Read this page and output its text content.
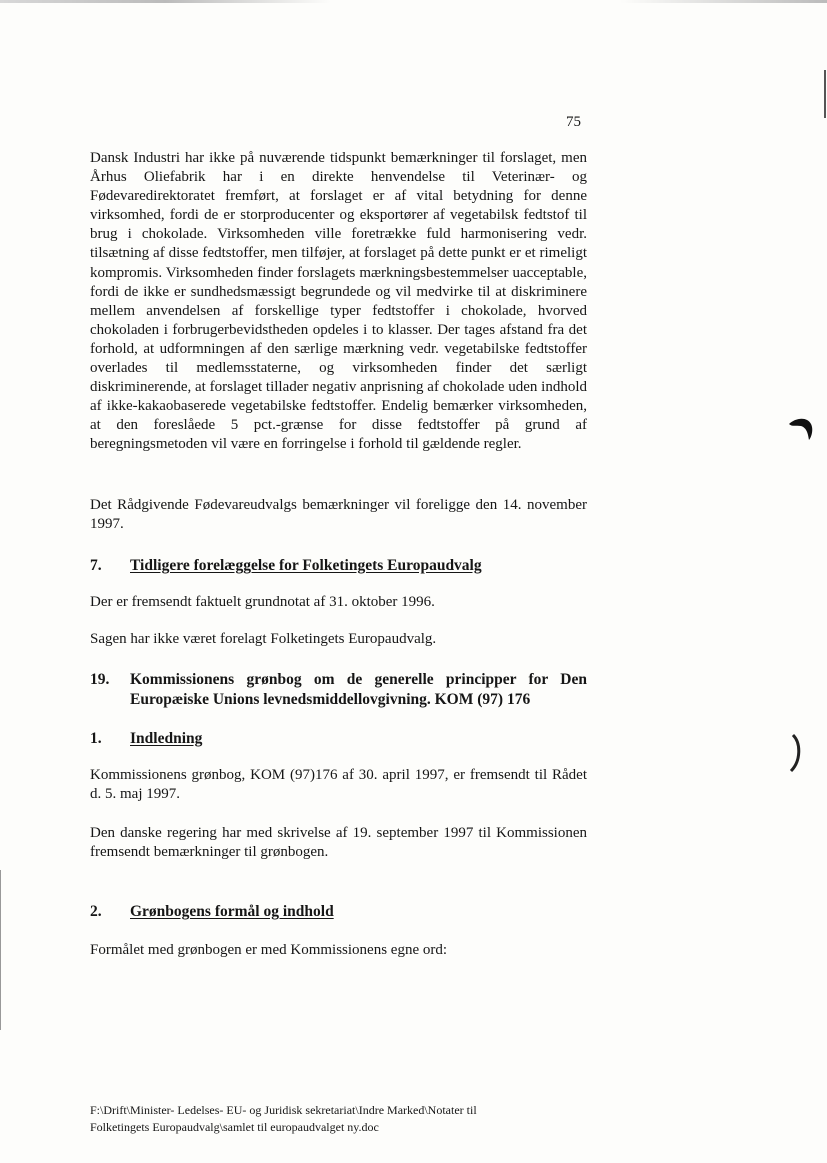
75

Dansk Industri har ikke på nuværende tidspunkt bemærkninger til forslaget, men Århus Oliefabrik har i en direkte henvendelse til Veterinær- og Fødevaredirektoratet fremført, at forslaget er af vital betydning for denne virksomhed, fordi de er storproducenter og eksportører af vegetabilsk fedtstof til brug i chokolade. Virksomheden ville foretrække fuld harmonisering vedr. tilsætning af disse fedtstoffer, men tilføjer, at forslaget på dette punkt er et rimeligt kompromis. Virksomheden finder forslagets mærkningsbestemmelser uacceptable, fordi de ikke er sundhedsmæssigt begrundede og vil medvirke til at diskriminere mellem anvendelsen af forskellige typer fedtstoffer i chokolade, hvorved chokoladen i forbrugerbevidstheden opdeles i to klasser. Der tages afstand fra det forhold, at udformningen af den særlige mærkning vedr. vegetabilske fedtstoffer overlades til medlemsstaterne, og virksomheden finder det særligt diskriminerende, at forslaget tillader negativ anprisning af chokolade uden indhold af ikke-kakaobaserede vegetabilske fedtstoffer. Endelig bemærker virksomheden, at den foreslåede 5 pct.-grænse for disse fedtstoffer på grund af beregningsmetoden vil være en forringelse i forhold til gældende regler.

Det Rådgivende Fødevareudvalgs bemærkninger vil foreligge den 14. november 1997.

7. Tidligere forelæggelse for Folketingets Europaudvalg

Der er fremsendt faktuelt grundnotat af 31. oktober 1996.

Sagen har ikke været forelagt Folketingets Europaudvalg.

19. Kommissionens grønbog om de generelle principper for Den Europæiske Unions levnedsmiddellovgivning. KOM (97) 176
1. Indledning

Kommissionens grønbog, KOM (97)176 af 30. april 1997, er fremsendt til Rådet d. 5. maj 1997.

Den danske regering har med skrivelse af 19. september 1997 til Kommissionen fremsendt bemærkninger til grønbogen.

2. Grønbogens formål og indhold

Formålet med grønbogen er med Kommissionens egne ord:

F:\Drift\Minister- Ledelses- EU- og Juridisk sekretariat\Indre Marked\Notater til
Folketingets Europaudvalg\samlet til europaudvalget ny.doc
